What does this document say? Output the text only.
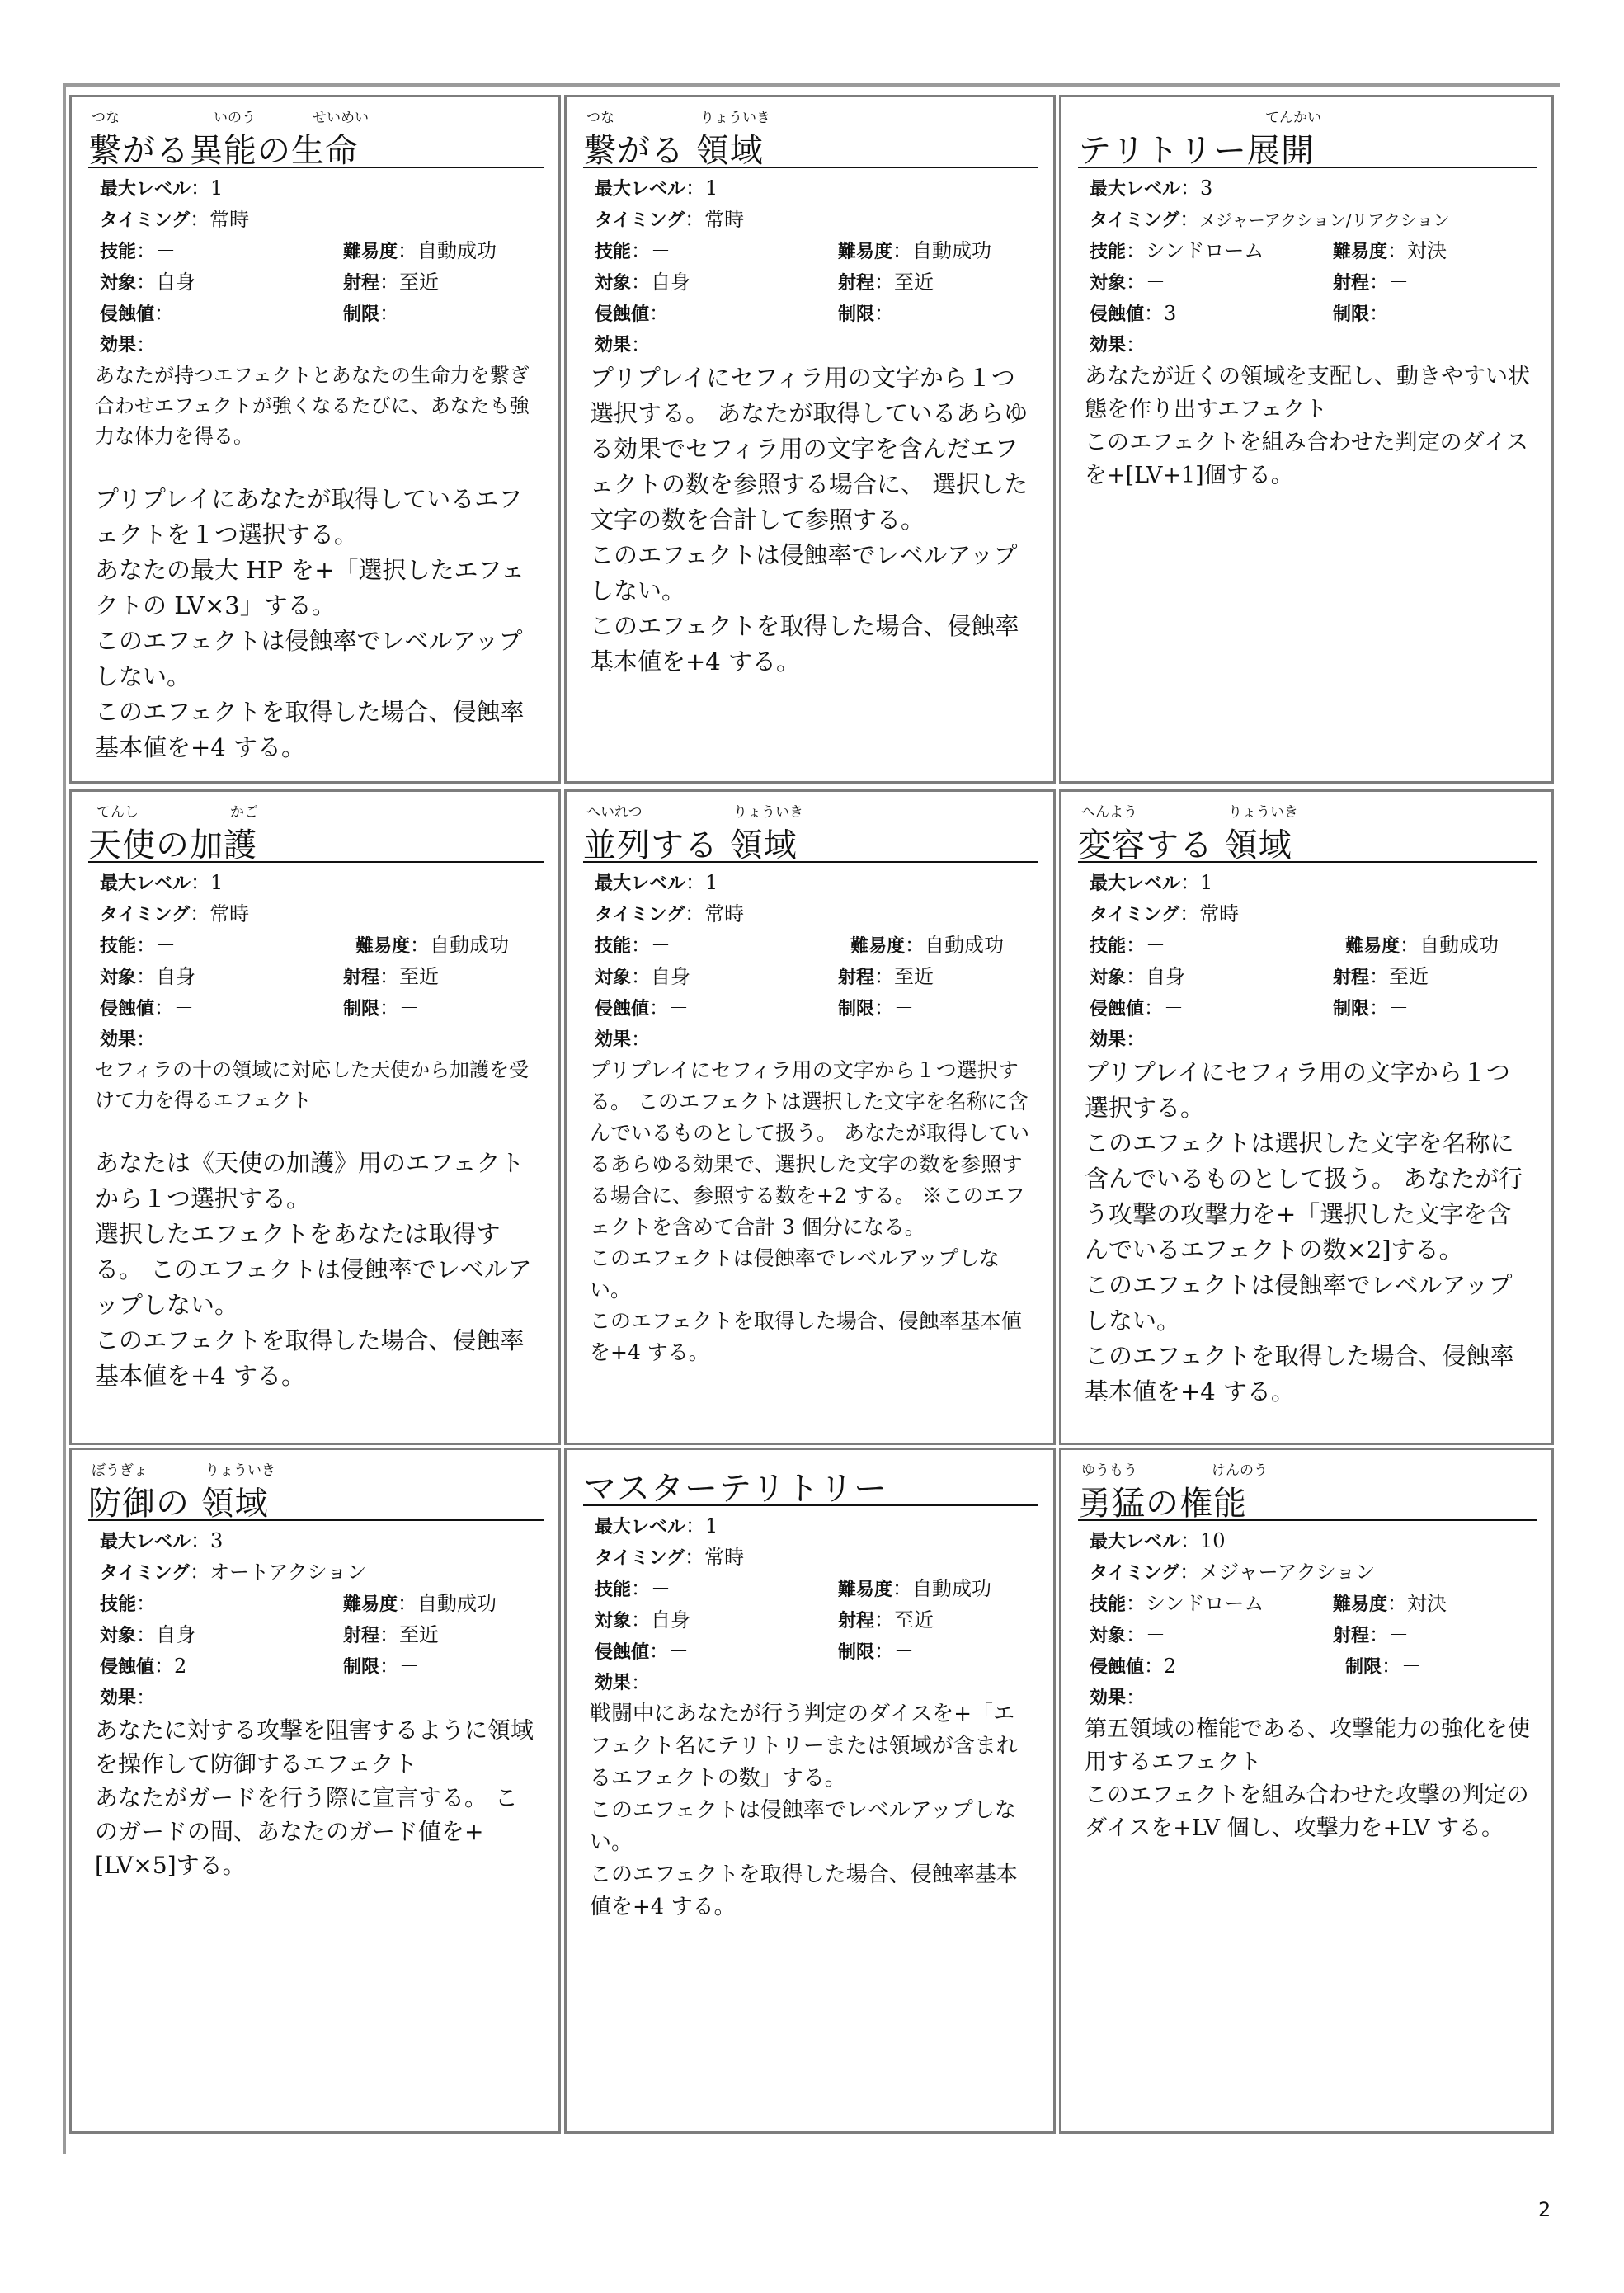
つな	いのう	せいめい
繋がる異能の生命
最大レベル：1
タイミング：常時
技能：－	難易度：自動成功
対象：自身	射程：至近
侵蝕値：－	制限：－
効果 ：

あなたが持つエフェクトとあなたの生命力を繋ぎ合わせエフェクトが強くなるたびに、あなたも強力な体力を得る。

プリプレイにあなたが取得しているエフェクトを１つ選択する。

あなたの最大 HP を+「選択したエフェクトの LV×3」する。

このエフェクトは侵蝕率でレベルアップしない。

このエフェクトを取得した場合、侵蝕率基本値を+4 する。

つな	りょういき
繋がる 領域
最大レベル：1
タイミング：常時
技能：－	難易度：自動成功
対象：自身	射程：至近
侵蝕値：－	制限：－
効果 ：

プリプレイにセフィラ用の文字から１つ選択する。 あなたが取得しているあらゆる効果でセフィラ用の文字を含んだエフェクトの数を参照する場合に、 選択した文字の数を合計して参照する。

このエフェクトは侵蝕率でレベルアップしない。

このエフェクトを取得した場合、侵蝕率基本値を+4 する。

てんかい
テリトリー展開
最大レベル：3
タイミング：メジャーアクション/リアクション
技能：シンドローム	難易度：対決
対象：－	射程：－
侵蝕値：3	制限：－
効果 ：

あなたが近くの領域を支配し、動きやすい状態を作り出すエフェクト

このエフェクトを組み合わせた判定のダイスを+[LV+1]個する。

てんし	かご
天使の加護
最大レベル：1
タイミング：常時
技能：－	難易度：自動成功
対象：自身	射程：至近
侵蝕値：－	制限：－
効果 ：

セフィラの十の領域に対応した天使から加護を受けて力を得るエフェクト

あなたは《天使の加護》用のエフェクトから１つ選択する。

選択したエフェクトをあなたは取得する。 このエフェクトは侵蝕率でレベルアップしない。

このエフェクトを取得した場合、侵蝕率基本値を+4 する。

へいれつ	りょういき
並列する 領域
最大レベル：1
タイミング：常時
技能：－	難易度：自動成功
対象：自身	射程：至近
侵蝕値：－	制限：－
効果 ：

プリプレイにセフィラ用の文字から１つ選択する。 このエフェクトは選択した文字を名称に含んでいるものとして扱う。 あなたが取得しているあらゆる効果で、選択した文字の数を参照する場合に、参照する数を+2 する。 ※このエフェクトを含めて合計 3 個分になる。

このエフェクトは侵蝕率でレベルアップしない。

このエフェクトを取得した場合、侵蝕率基本値を+4 する。

へんよう	りょういき
変容する 領域
最大レベル：1
タイミング：常時
技能：－	難易度：自動成功
対象：自身	射程：至近
侵蝕値：－	制限：－
効果 ：

プリプレイにセフィラ用の文字から１つ選択する。

このエフェクトは選択した文字を名称に含んでいるものとして扱う。 あなたが行う攻撃の攻撃力を+「選択した文字を含んでいるエフェクトの数×2]する。

このエフェクトは侵蝕率でレベルアップしない。

このエフェクトを取得した場合、侵蝕率基本値を+4 する。

ぼうぎょ	りょういき
防御の 領域
最大レベル：3
タイミング：オートアクション
技能：－	難易度：自動成功
対象：自身	射程：至近
侵蝕値：2	制限：－
効果 ：

あなたに対する攻撃を阻害するように領域を操作して防御するエフェクト

あなたがガードを行う際に宣言する。 このガードの間、あなたのガード値を+[LV×5]する。

マスターテリトリー
最大レベル：1
タイミング：常時
技能：－	難易度：自動成功
対象：自身	射程：至近
侵蝕値：－	制限：－
効果 ：

戦闘中にあなたが行う判定のダイスを+「エフェクト名にテリトリーまたは領域が含まれるエフェクトの数」する。

このエフェクトは侵蝕率でレベルアップしない。

このエフェクトを取得した場合、侵蝕率基本値を+4 する。

ゆうもう	けんのう
勇猛の権能
最大レベル：10
タイミング：メジャーアクション
技能：シンドローム	難易度：対決
対象：－	射程：－
侵蝕値：2	制限：－
効果 ：

第五領域の権能である、攻撃能力の強化を使用するエフェクト

このエフェクトを組み合わせた攻撃の判定のダイスを+LV 個し、攻撃力を+LV する。

2
